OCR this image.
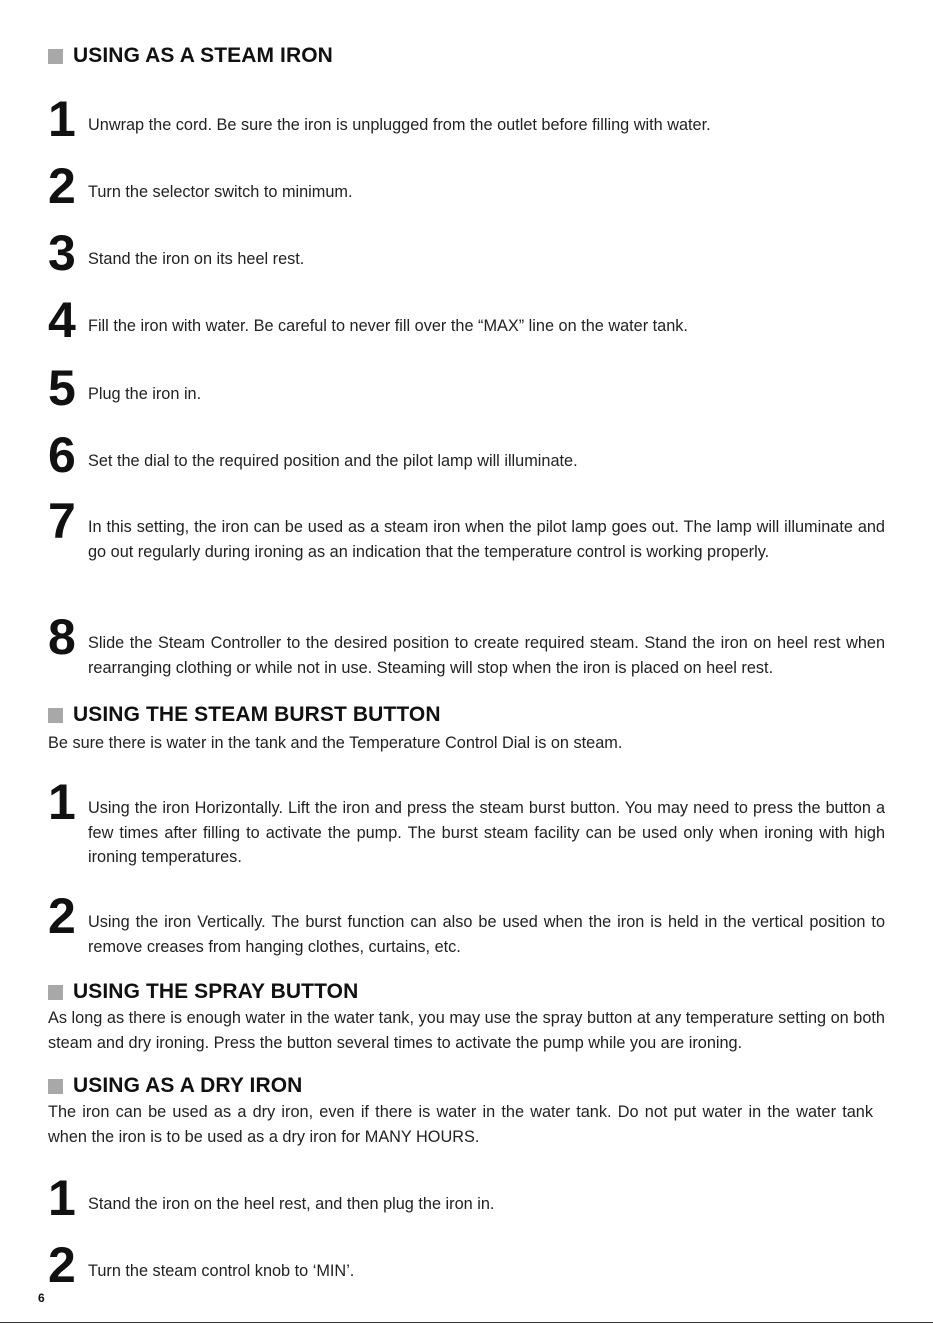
USING AS A STEAM IRON
1 Unwrap the cord. Be sure the iron is unplugged from the outlet before filling with water.
2 Turn the selector switch to minimum.
3 Stand the iron on its heel rest.
4 Fill the iron with water. Be careful to never fill over the “MAX” line on the water tank.
5 Plug the iron in.
6 Set the dial to the required position and the pilot lamp will illuminate.
7 In this setting, the iron can be used as a steam iron when the pilot lamp goes out. The lamp will illuminate and go out regularly during ironing as an indication that the temperature control is working properly.
8 Slide the Steam Controller to the desired position to create required steam. Stand the iron on heel rest when rearranging clothing or while not in use. Steaming will stop when the iron is placed on heel rest.
USING THE STEAM BURST BUTTON
Be sure there is water in the tank and the Temperature Control Dial is on steam.
1 Using the iron Horizontally. Lift the iron and press the steam burst button. You may need to press the button a few times after filling to activate the pump. The burst steam facility can be used only when ironing with high ironing temperatures.
2 Using the iron Vertically. The burst function can also be used when the iron is held in the vertical position to remove creases from hanging clothes, curtains, etc.
USING THE SPRAY BUTTON
As long as there is enough water in the water tank, you may use the spray button at any temperature setting on both steam and dry ironing. Press the button several times to activate the pump while you are ironing.
USING AS A DRY IRON
The iron can be used as a dry iron, even if there is water in the water tank. Do not put water in the water tank when the iron is to be used as a dry iron for MANY HOURS.
1 Stand the iron on the heel rest, and then plug the iron in.
2 Turn the steam control knob to ‘MIN’.
6
